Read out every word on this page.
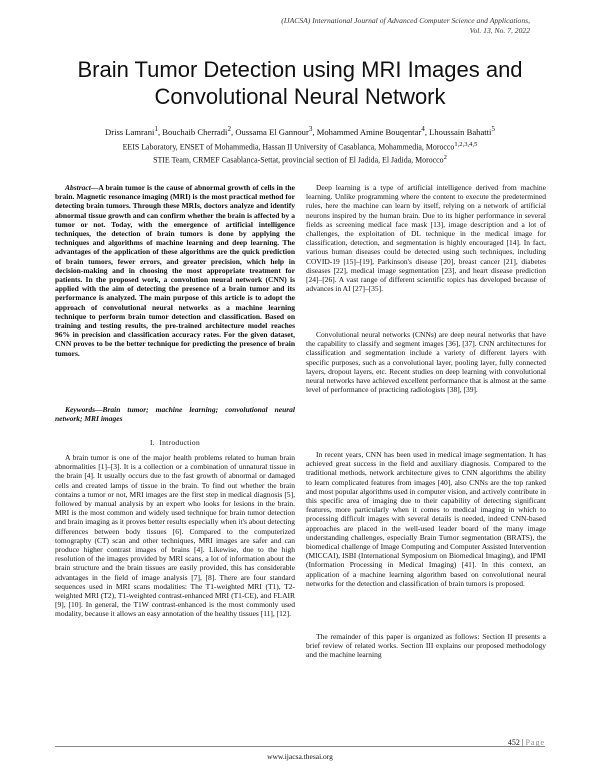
(IJACSA) International Journal of Advanced Computer Science and Applications,
Vol. 13, No. 7, 2022
Brain Tumor Detection using MRI Images and Convolutional Neural Network
Driss Lamrani$^1$, Bouchaib Cherradi$^2$, Oussama El Gannour$^3$, Mohammed Amine Bouqentar$^4$, Lhoussain Bahatti$^5$
EEIS Laboratory, ENSET of Mohammedia, Hassan II University of Casablanca, Mohammedia, Morocco$^{1,2,3,4,5}$
STIE Team, CRMEF Casablanca-Settat, provincial section of El Jadida, El Jadida, Morocco$^2$
Abstract—A brain tumor is the cause of abnormal growth of cells in the brain. Magnetic resonance imaging (MRI) is the most practical method for detecting brain tumors. Through these MRIs, doctors analyze and identify abnormal tissue growth and can confirm whether the brain is affected by a tumor or not. Today, with the emergence of artificial intelligence techniques, the detection of brain tumors is done by applying the techniques and algorithms of machine learning and deep learning. The advantages of the application of these algorithms are the quick prediction of brain tumors, fewer errors, and greater precision, which help in decision-making and in choosing the most appropriate treatment for patients. In the proposed work, a convolution neural network (CNN) is applied with the aim of detecting the presence of a brain tumor and its performance is analyzed. The main purpose of this article is to adopt the approach of convolutional neural networks as a machine learning technique to perform brain tumor detection and classification. Based on training and testing results, the pre-trained architecture model reaches 96% in precision and classification accuracy rates. For the given dataset, CNN proves to be the better technique for predicting the presence of brain tumors.
Keywords—Brain tumor; machine learning; convolutional neural network; MRI images
I. Introduction
A brain tumor is one of the major health problems related to human brain abnormalities [1]–[3]. It is a collection or a combination of unnatural tissue in the brain [4]. It usually occurs due to the fast growth of abnormal or damaged cells and created lamps of tissue in the brain. To find out whether the brain contains a tumor or not, MRI images are the first step in medical diagnosis [5], followed by manual analysis by an expert who looks for lesions in the brain. MRI is the most common and widely used technique for brain tumor detection and brain imaging as it proves better results especially when it's about detecting differences between body tissues [6]. Compared to the computerized tomography (CT) scan and other techniques, MRI images are safer and can produce higher contrast images of brains [4]. Likewise, due to the high resolution of the images provided by MRI scans, a lot of information about the brain structure and the brain tissues are easily provided, this has considerable advantages in the field of image analysis [7], [8]. There are four standard sequences used in MRI scans modalities: The T1-weighted MRI (T1), T2-weighted MRI (T2), T1-weighted contrast-enhanced MRI (T1-CE), and FLAIR [9], [10]. In general, the T1W contrast-enhanced is the most commonly used modality, because it allows an easy annotation of the healthy tissues [11], [12].
Deep learning is a type of artificial intelligence derived from machine learning. Unlike programming where the content to execute the predetermined rules, here the machine can learn by itself, relying on a network of artificial neurons inspired by the human brain. Due to its higher performance in several fields as screening medical face mask [13], image description and a lot of challenges, the exploitation of DL technique in the medical image for classification, detection, and segmentation is highly encouraged [14]. In fact, various human diseases could be detected using such techniques, including COVID-19 [15]–[19], Parkinson's disease [20], breast cancer [21], diabetes diseases [22], medical image segmentation [23], and heart disease prediction [24]–[26]. A vast range of different scientific topics has developed because of advances in AI [27]–[35].
Convolutional neural networks (CNNs) are deep neural networks that have the capability to classify and segment images [36], [37]. CNN architectures for classification and segmentation include a variety of different layers with specific purposes, such as a convolutional layer, pooling layer, fully connected layers, dropout layers, etc. Recent studies on deep learning with convolutional neural networks have achieved excellent performance that is almost at the same level of performance of practicing radiologists [38], [39].
In recent years, CNN has been used in medical image segmentation. It has achieved great success in the field and auxiliary diagnosis. Compared to the traditional methods, network architecture gives to CNN algorithms the ability to learn complicated features from images [40], also CNNs are the top ranked and most popular algorithms used in computer vision, and actively contribute in this specific area of imaging due to their capability of detecting significant features, more particularly when it comes to medical imaging in which to processing difficult images with several details is needed, indeed CNN-based approaches are placed in the well-used leader board of the many image understanding challenges, especially Brain Tumor segmentation (BRATS), the biomedical challenge of Image Computing and Computer Assisted Intervention (MICCAI), ISBI (International Symposium on Biomedical Imaging), and IPMI (Information Processing in Medical Imaging) [41]. In this context, an application of a machine learning algorithm based on convolutional neural networks for the detection and classification of brain tumors is proposed.
The remainder of this paper is organized as follows: Section II presents a brief review of related works. Section III explains our proposed methodology and the machine learning
452 | Page
www.ijacsa.thesai.org
